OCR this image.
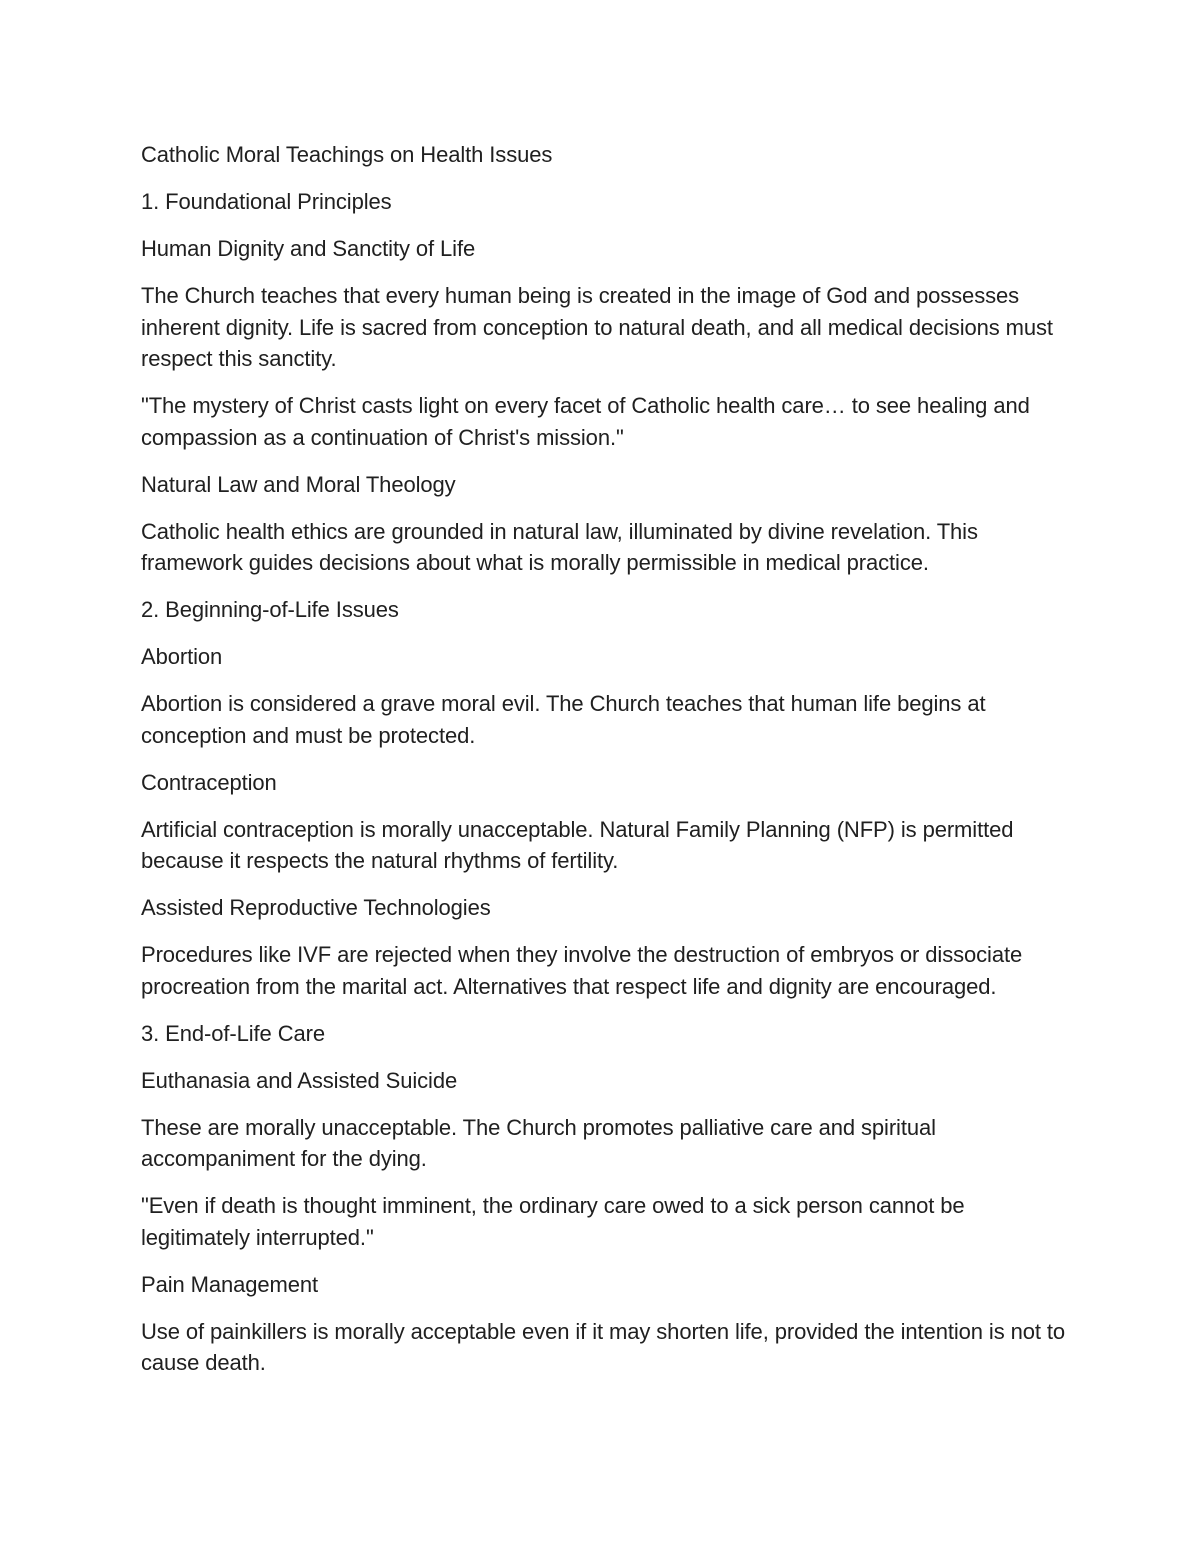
Catholic Moral Teachings on Health Issues

1. Foundational Principles

Human Dignity and Sanctity of Life

The Church teaches that every human being is created in the image of God and possesses inherent dignity. Life is sacred from conception to natural death, and all medical decisions must respect this sanctity.

"The mystery of Christ casts light on every facet of Catholic health care… to see healing and compassion as a continuation of Christ's mission."

Natural Law and Moral Theology

Catholic health ethics are grounded in natural law, illuminated by divine revelation. This framework guides decisions about what is morally permissible in medical practice.

2. Beginning-of-Life Issues

Abortion

Abortion is considered a grave moral evil. The Church teaches that human life begins at conception and must be protected.

Contraception

Artificial contraception is morally unacceptable. Natural Family Planning (NFP) is permitted because it respects the natural rhythms of fertility.

Assisted Reproductive Technologies

Procedures like IVF are rejected when they involve the destruction of embryos or dissociate procreation from the marital act. Alternatives that respect life and dignity are encouraged.

3. End-of-Life Care

Euthanasia and Assisted Suicide

These are morally unacceptable. The Church promotes palliative care and spiritual accompaniment for the dying.

"Even if death is thought imminent, the ordinary care owed to a sick person cannot be legitimately interrupted."

Pain Management

Use of painkillers is morally acceptable even if it may shorten life, provided the intention is not to cause death.
